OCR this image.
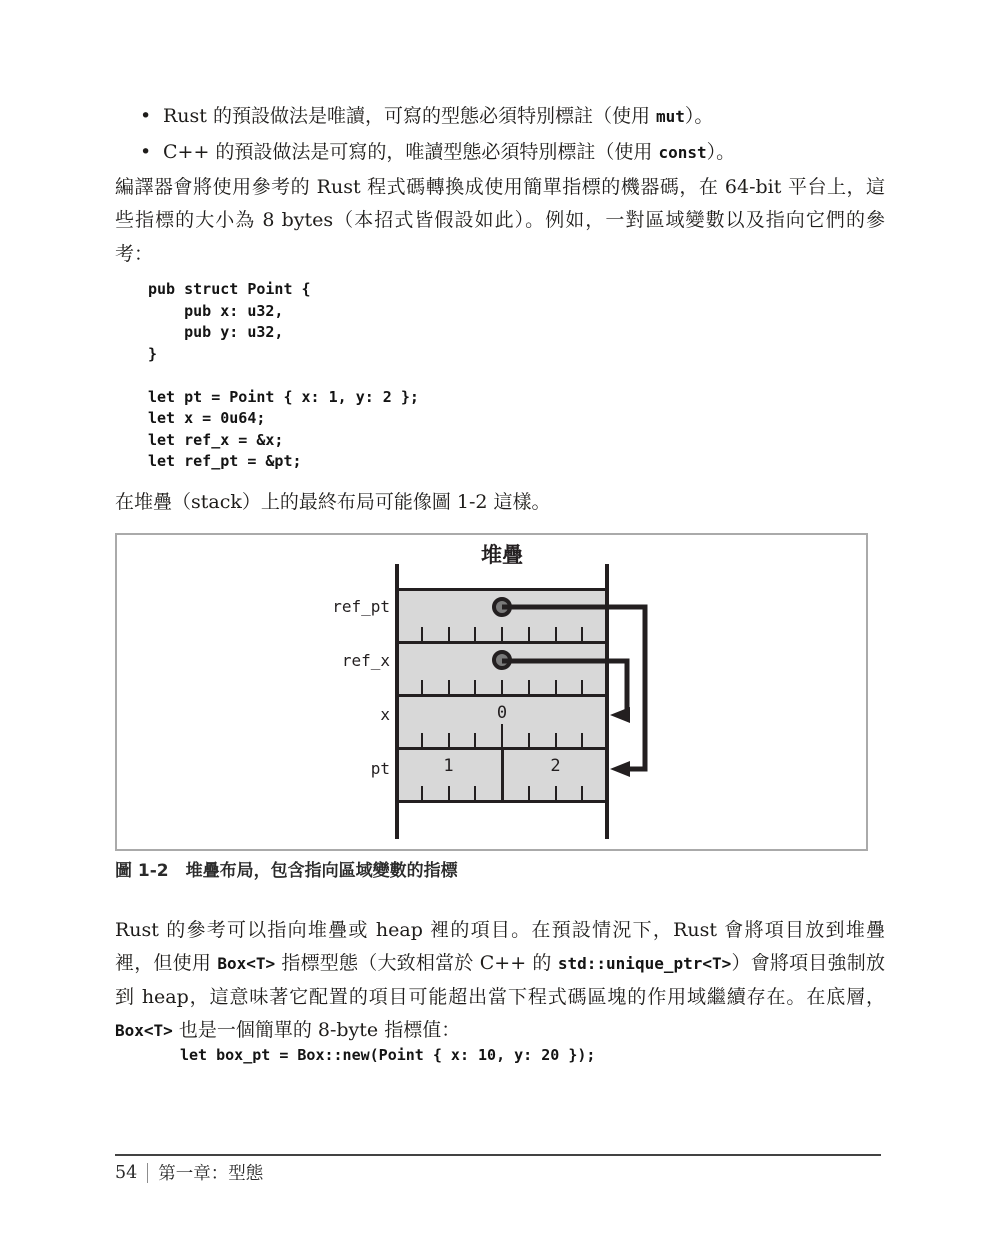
• Rust 的預設做法是唯讀，可寫的型態必須特別標註（使用 mut）。
• C++ 的預設做法是可寫的，唯讀型態必須特別標註（使用 const）。
編譯器會將使用參考的 Rust 程式碼轉換成使用簡單指標的機器碼，在 64-bit 平台上，這
些指標的大小為 8 bytes（本招式皆假設如此）。例如，一對區域變數以及指向它們的參
考：
pub struct Point {
pub x: u32,
pub y: u32,
}

let pt = Point { x: 1, y: 2 };
let x = 0u64;
let ref_x = &x;
let ref_pt = &pt;
在堆疊（stack）上的最終布局可能像圖 1-2 這樣。
堆疊
0
1	2
ref_pt
ref_x
x
pt
圖 1-2 堆疊布局，包含指向區域變數的指標
Rust 的參考可以指向堆疊或 heap 裡的項目。在預設情況下，Rust 會將項目放到堆疊
裡，但使用 Box<T> 指標型態（大致相當於 C++ 的 std::unique_ptr<T>）會將項目強制放
到 heap，這意味著它配置的項目可能超出當下程式碼區塊的作用域繼續存在。在底層，
Box<T> 也是一個簡單的 8-byte 指標值：
let box_pt = Box::new(Point { x: 10, y: 20 });
54 第一章：型態
